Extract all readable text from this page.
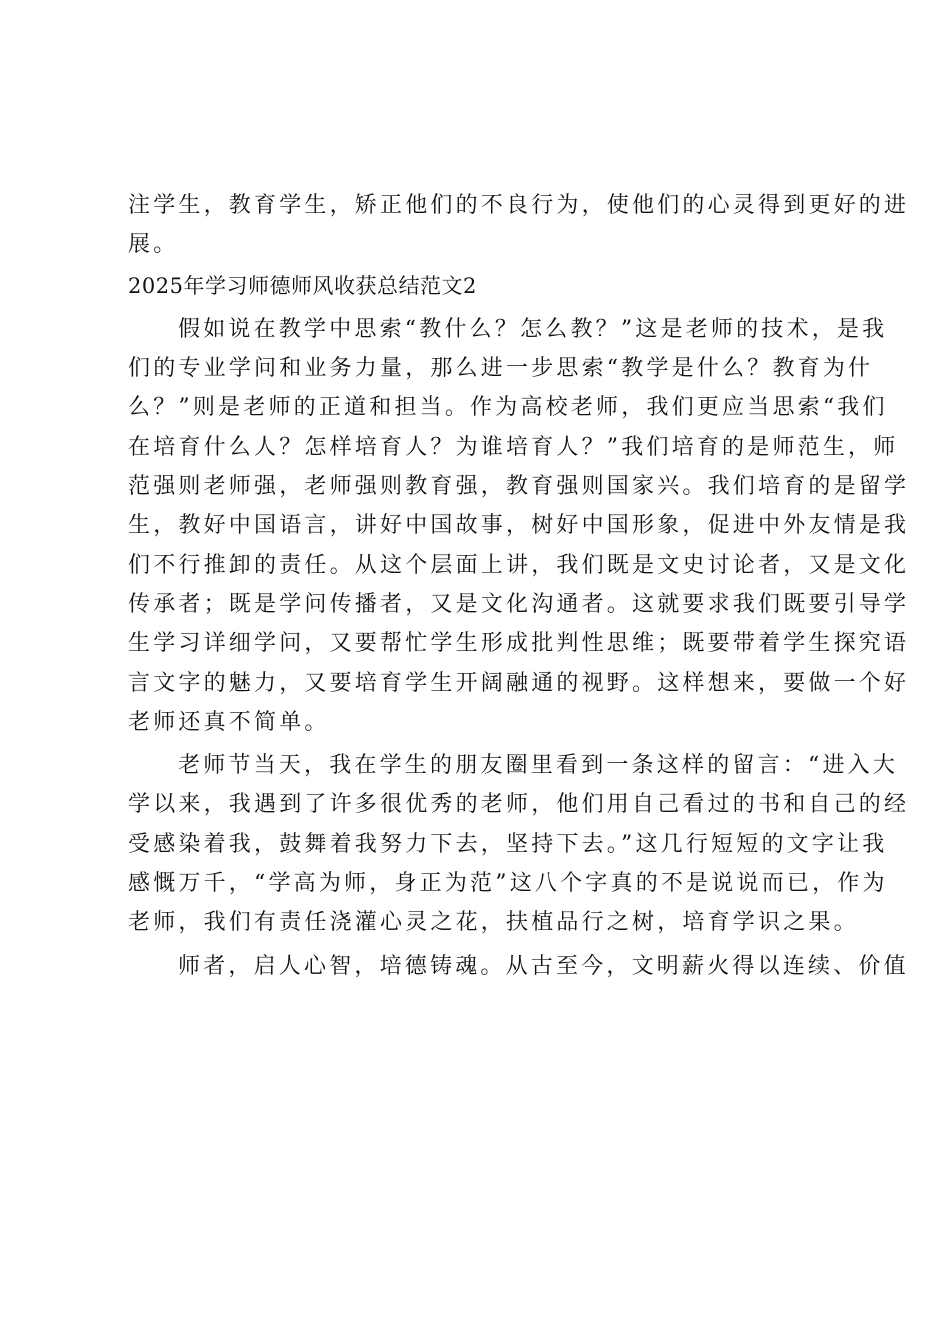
注学生，教育学生，矫正他们的不良行为，使他们的心灵得到更好的进
展。

2025年学习师德师风收获总结范文2

假如说在教学中思索“教什么？怎么教？”这是老师的技术，是我
们的专业学问和业务力量，那么进一步思索“教学是什么？教育为什
么？”则是老师的正道和担当。作为高校老师，我们更应当思索“我们
在培育什么人？怎样培育人？为谁培育人？”我们培育的是师范生，师
范强则老师强，老师强则教育强，教育强则国家兴。我们培育的是留学
生，教好中国语言，讲好中国故事，树好中国形象，促进中外友情是我
们不行推卸的责任。从这个层面上讲，我们既是文史讨论者，又是文化
传承者；既是学问传播者，又是文化沟通者。这就要求我们既要引导学
生学习详细学问，又要帮忙学生形成批判性思维；既要带着学生探究语
言文字的魅力，又要培育学生开阔融通的视野。这样想来，要做一个好
老师还真不简单。

老师节当天，我在学生的朋友圈里看到一条这样的留言：“进入大
学以来，我遇到了许多很优秀的老师，他们用自己看过的书和自己的经
受感染着我，鼓舞着我努力下去，坚持下去。”这几行短短的文字让我
感慨万千，“学高为师，身正为范”这八个字真的不是说说而已，作为
老师，我们有责任浇灌心灵之花，扶植品行之树，培育学识之果。

师者，启人心智，培德铸魂。从古至今，文明薪火得以连续、价值
